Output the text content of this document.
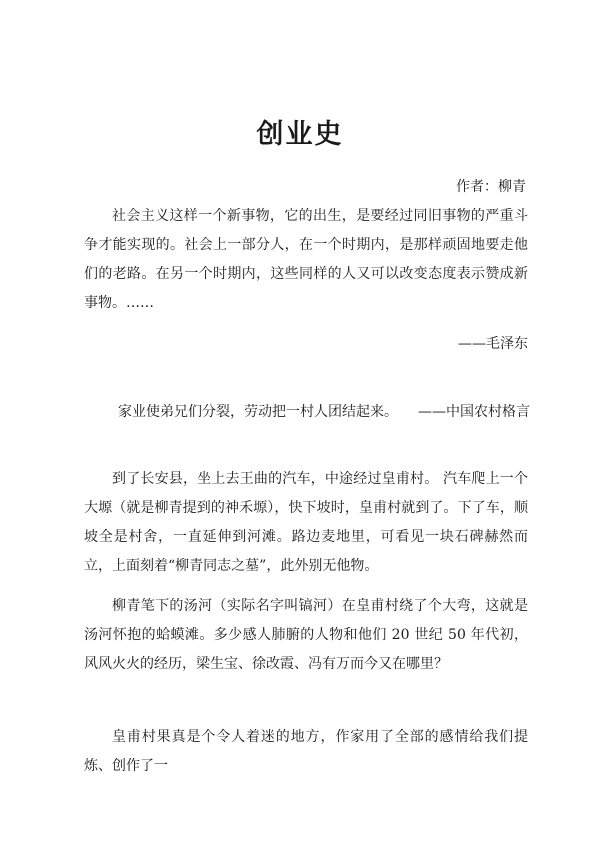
创业史
作者：柳青

社会主义这样一个新事物，它的出生，是要经过同旧事物的严重斗争才能实现的。社会上一部分人，在一个时期内，是那样顽固地要走他们的老路。在另一个时期内，这些同样的人又可以改变态度表示赞成新事物。……

——毛泽东
家业使弟兄们分裂，劳动把一村人团结起来。 ——中国农村格言

到了长安县，坐上去王曲的汽车，中途经过皇甫村。 汽车爬上一个大塬（就是柳青提到的神禾塬），快下坡时，皇甫村就到了。下了车，顺坡全是村舍，一直延伸到河滩。路边麦地里，可看见一块石碑赫然而立，上面刻着“柳青同志之墓”，此外别无他物。

柳青笔下的汤河（实际名字叫镐河）在皇甫村绕了个大弯，这就是汤河怀抱的蛤蟆滩。多少感人肺腑的人物和他们 20 世纪 50 年代初，风风火火的经历，梁生宝、徐改霞、冯有万而今又在哪里？

皇甫村果真是个令人着迷的地方，作家用了全部的感情给我们提炼、创作了一
